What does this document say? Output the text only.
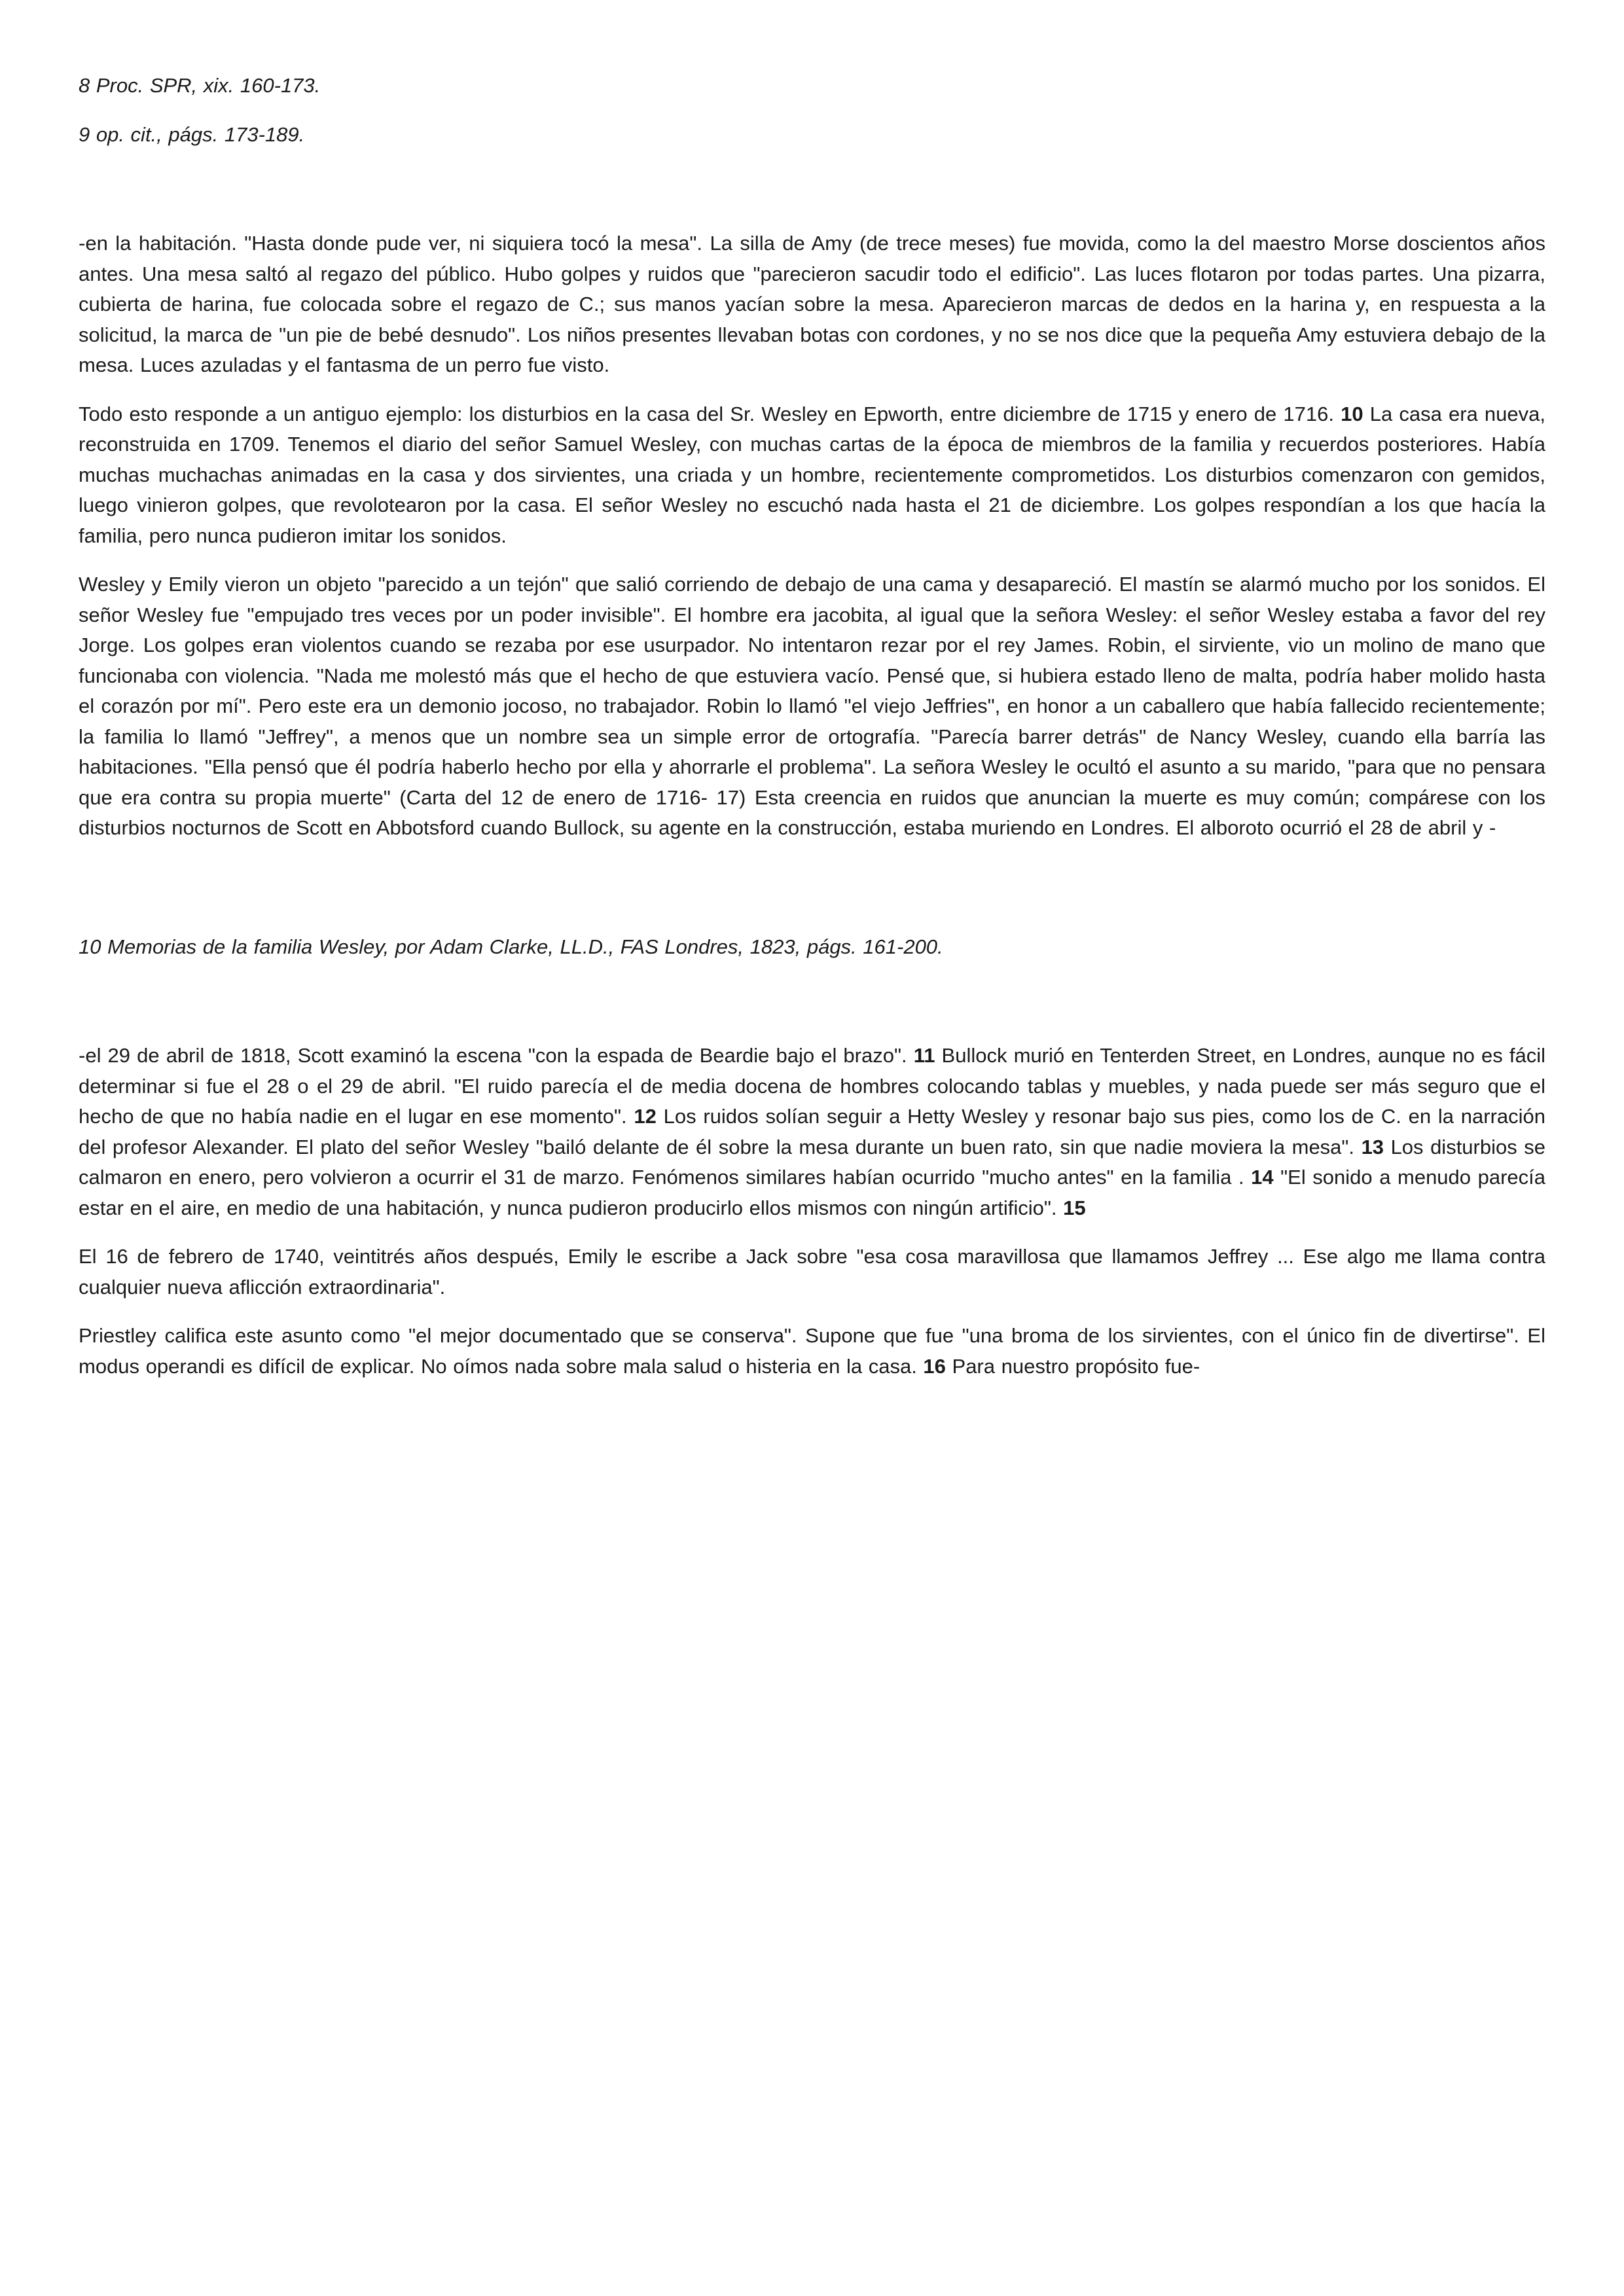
8 Proc. SPR, xix. 160-173.

9 op. cit., págs. 173-189.

-en la habitación. "Hasta donde pude ver, ni siquiera tocó la mesa". La silla de Amy (de trece meses) fue movida, como la del maestro Morse doscientos años antes. Una mesa saltó al regazo del público. Hubo golpes y ruidos que "parecieron sacudir todo el edificio". Las luces flotaron por todas partes. Una pizarra, cubierta de harina, fue colocada sobre el regazo de C.; sus manos yacían sobre la mesa. Aparecieron marcas de dedos en la harina y, en respuesta a la solicitud, la marca de "un pie de bebé desnudo". Los niños presentes llevaban botas con cordones, y no se nos dice que la pequeña Amy estuviera debajo de la mesa. Luces azuladas y el fantasma de un perro fue visto.

Todo esto responde a un antiguo ejemplo: los disturbios en la casa del Sr. Wesley en Epworth, entre diciembre de 1715 y enero de 1716. 10 La casa era nueva, reconstruida en 1709. Tenemos el diario del señor Samuel Wesley, con muchas cartas de la época de miembros de la familia y recuerdos posteriores. Había muchas muchachas animadas en la casa y dos sirvientes, una criada y un hombre, recientemente comprometidos. Los disturbios comenzaron con gemidos, luego vinieron golpes, que revolotearon por la casa. El señor Wesley no escuchó nada hasta el 21 de diciembre. Los golpes respondían a los que hacía la familia, pero nunca pudieron imitar los sonidos.

Wesley y Emily vieron un objeto "parecido a un tejón" que salió corriendo de debajo de una cama y desapareció. El mastín se alarmó mucho por los sonidos. El señor Wesley fue "empujado tres veces por un poder invisible". El hombre era jacobita, al igual que la señora Wesley: el señor Wesley estaba a favor del rey Jorge. Los golpes eran violentos cuando se rezaba por ese usurpador. No intentaron rezar por el rey James. Robin, el sirviente, vio un molino de mano que funcionaba con violencia. "Nada me molestó más que el hecho de que estuviera vacío. Pensé que, si hubiera estado lleno de malta, podría haber molido hasta el corazón por mí". Pero este era un demonio jocoso, no trabajador. Robin lo llamó "el viejo Jeffries", en honor a un caballero que había fallecido recientemente; la familia lo llamó "Jeffrey", a menos que un nombre sea un simple error de ortografía. "Parecía barrer detrás" de Nancy Wesley, cuando ella barría las habitaciones. "Ella pensó que él podría haberlo hecho por ella y ahorrarle el problema". La señora Wesley le ocultó el asunto a su marido, "para que no pensara que era contra su propia muerte" (Carta del 12 de enero de 1716- 17) Esta creencia en ruidos que anuncian la muerte es muy común; compárese con los disturbios nocturnos de Scott en Abbotsford cuando Bullock, su agente en la construcción, estaba muriendo en Londres. El alboroto ocurrió el 28 de abril y -

10 Memorias de la familia Wesley, por Adam Clarke, LL.D., FAS Londres, 1823, págs. 161-200.

-el 29 de abril de 1818, Scott examinó la escena "con la espada de Beardie bajo el brazo". 11 Bullock murió en Tenterden Street, en Londres, aunque no es fácil determinar si fue el 28 o el 29 de abril. "El ruido parecía el de media docena de hombres colocando tablas y muebles, y nada puede ser más seguro que el hecho de que no había nadie en el lugar en ese momento". 12 Los ruidos solían seguir a Hetty Wesley y resonar bajo sus pies, como los de C. en la narración del profesor Alexander. El plato del señor Wesley "bailó delante de él sobre la mesa durante un buen rato, sin que nadie moviera la mesa". 13 Los disturbios se calmaron en enero, pero volvieron a ocurrir el 31 de marzo. Fenómenos similares habían ocurrido "mucho antes" en la familia . 14 "El sonido a menudo parecía estar en el aire, en medio de una habitación, y nunca pudieron producirlo ellos mismos con ningún artificio". 15

El 16 de febrero de 1740, veintitrés años después, Emily le escribe a Jack sobre "esa cosa maravillosa que llamamos Jeffrey ... Ese algo me llama contra cualquier nueva aflicción extraordinaria".

Priestley califica este asunto como "el mejor documentado que se conserva". Supone que fue "una broma de los sirvientes, con el único fin de divertirse". El modus operandi es difícil de explicar. No oímos nada sobre mala salud o histeria en la casa. 16 Para nuestro propósito fue-
